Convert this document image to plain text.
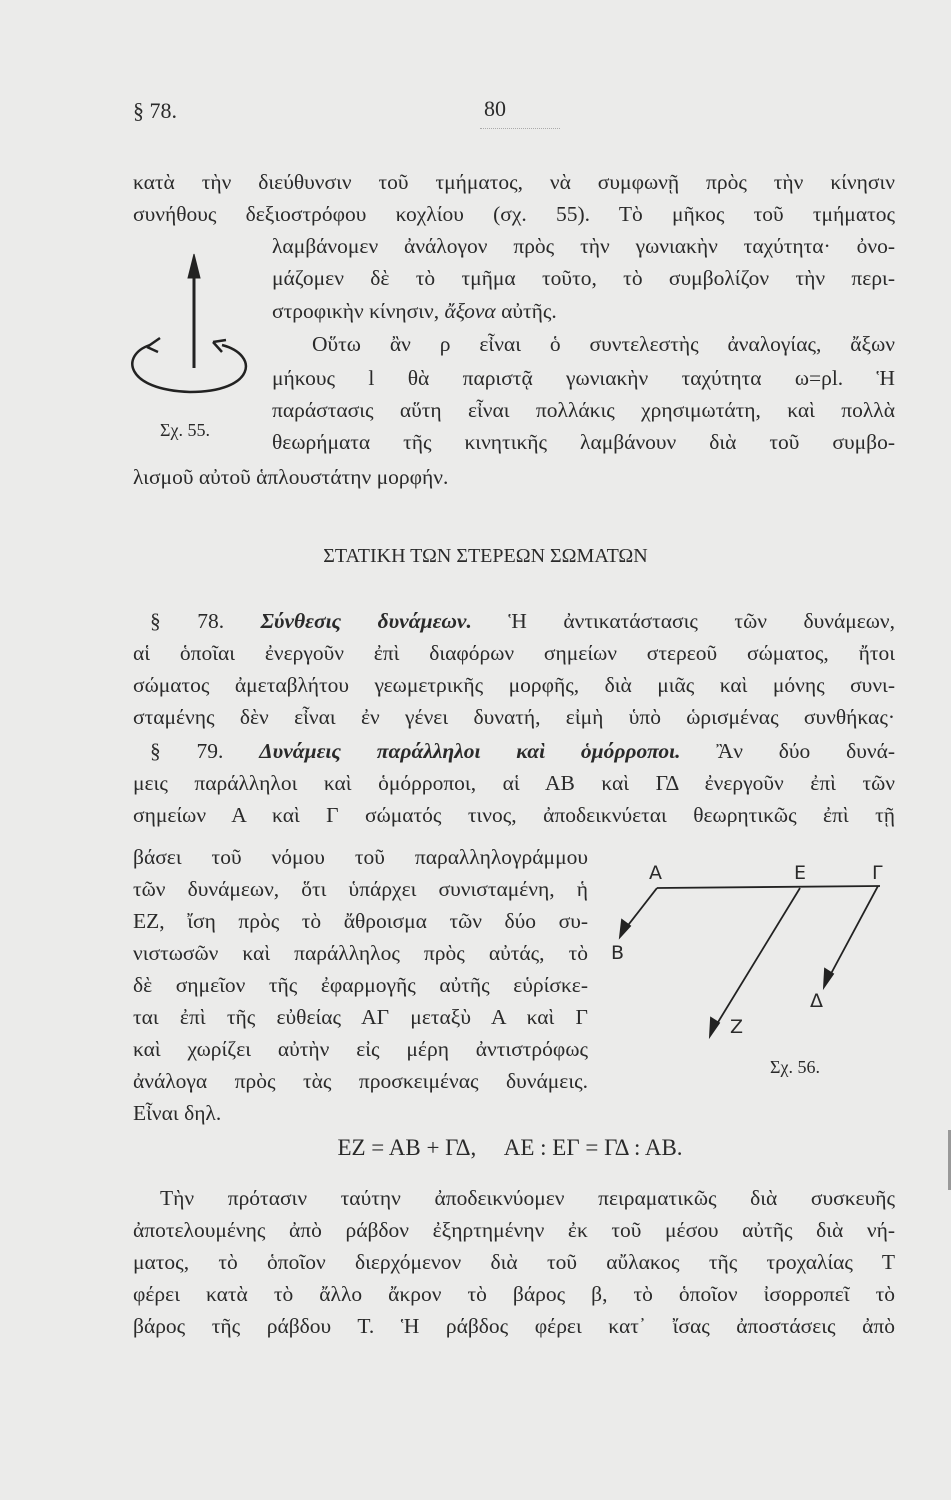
§ 78.	80
κατὰ τὴν διεύθυνσιν τοῦ τμήματος, νὰ συμφωνῇ πρὸς τὴν κίνησιν
συνήθους δεξιοστρόφου κοχλίου (σχ. 55). Τὸ μῆκος τοῦ τμήματος
λαμβάνομεν ἀνάλογον πρὸς τὴν γωνιακὴν ταχύτητα· ὀνο-
μάζομεν δὲ τὸ τμῆμα τοῦτο, τὸ συμβολίζον τὴν περι-
στροφικὴν κίνησιν, ἄξονα αὐτῆς.
Οὕτω ἂν ρ εἶναι ὁ συντελεστὴς ἀναλογίας, ἄξων
μήκους l θὰ παριστᾷ γωνιακὴν ταχύτητα ω=ρl. Ἡ
παράστασις αὕτη εἶναι πολλάκις χρησιμωτάτη, καὶ πολλὰ
θεωρήματα τῆς κινητικῆς λαμβάνουν διὰ τοῦ συμβο-
λισμοῦ αὐτοῦ ἁπλουστάτην μορφήν.
Σχ. 55.
A	E	Γ
B
Δ
Z
Σχ. 56.
ΣΤΑΤΙΚΗ ΤΩΝ ΣΤΕΡΕΩΝ ΣΩΜΑΤΩΝ
§ 78. Σύνθεσις δυνάμεων. Ἡ ἀντικατάστασις τῶν δυνάμεων,
αἱ ὁποῖαι ἐνεργοῦν ἐπὶ διαφόρων σημείων στερεοῦ σώματος, ἤτοι
σώματος ἀμεταβλήτου γεωμετρικῆς μορφῆς, διὰ μιᾶς καὶ μόνης συνι-
σταμένης δὲν εἶναι ἐν γένει δυνατή, εἰμὴ ὑπὸ ὡρισμένας συνθήκας·
§ 79. Δυνάμεις παράλληλοι καὶ ὁμόρροποι. Ἂν δύο δυνά-
μεις παράλληλοι καὶ ὁμόρροποι, αἱ ΑΒ καὶ ΓΔ ἐνεργοῦν ἐπὶ τῶν
σημείων Α καὶ Γ σώματός τινος, ἀποδεικνύεται θεωρητικῶς ἐπὶ τῇ
βάσει τοῦ νόμου τοῦ παραλληλογράμμου
τῶν δυνάμεων, ὅτι ὑπάρχει συνισταμένη, ἡ
ΕΖ, ἴση πρὸς τὸ ἄθροισμα τῶν δύο συ-
νιστωσῶν καὶ παράλληλος πρὸς αὐτάς, τὸ
δὲ σημεῖον τῆς ἐφαρμογῆς αὐτῆς εὑρίσκε-
ται ἐπὶ τῆς εὐθείας ΑΓ μεταξὺ Α καὶ Γ
καὶ χωρίζει αὐτὴν εἰς μέρη ἀντιστρόφως
ἀνάλογα πρὸς τὰς προσκειμένας δυνάμεις.
Εἶναι δηλ.
ΕΖ = ΑΒ + ΓΔ,     ΑΕ : ΕΓ = ΓΔ : ΑΒ.
Τὴν πρότασιν ταύτην ἀποδεικνύομεν πειραματικῶς διὰ συσκευῆς
ἀποτελουμένης ἀπὸ ράβδον ἐξηρτημένην ἐκ τοῦ μέσου αὐτῆς διὰ νή-
ματος, τὸ ὁποῖον διερχόμενον διὰ τοῦ αὔλακος τῆς τροχαλίας Τ
φέρει κατὰ τὸ ἄλλο ἄκρον τὸ βάρος β, τὸ ὁποῖον ἰσορροπεῖ τὸ
βάρος τῆς ράβδου Τ. Ἡ ράβδος φέρει κατ᾽ ἴσας ἀποστάσεις ἀπὸ
